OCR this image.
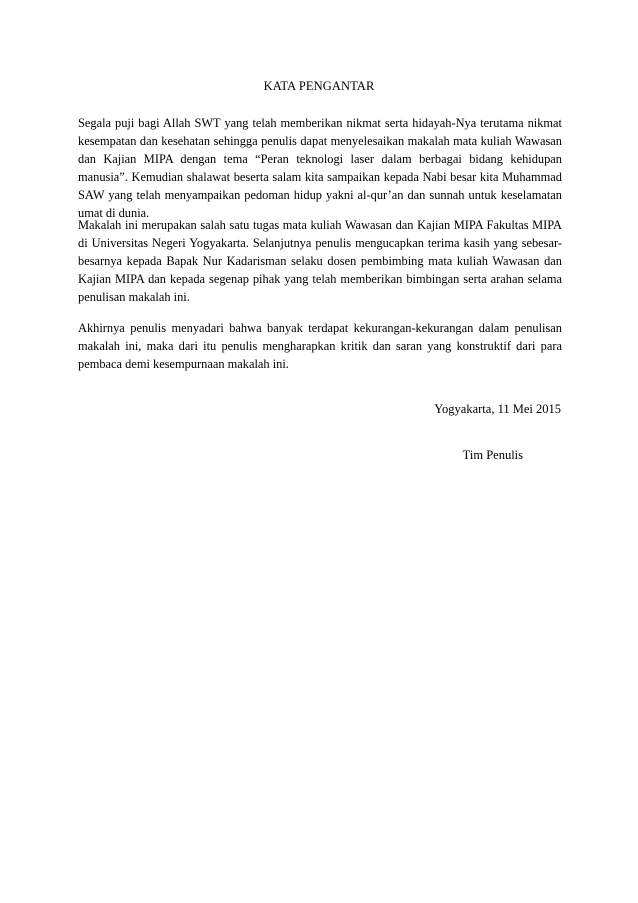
KATA PENGANTAR

Segala puji bagi Allah SWT yang telah memberikan nikmat serta hidayah-Nya terutama nikmat kesempatan dan kesehatan sehingga penulis dapat menyelesaikan makalah mata kuliah Wawasan dan Kajian MIPA dengan tema “Peran teknologi laser dalam berbagai bidang kehidupan manusia”. Kemudian shalawat beserta salam kita sampaikan kepada Nabi besar kita Muhammad SAW yang telah menyampaikan pedoman hidup yakni al-qur’an dan sunnah untuk keselamatan umat di dunia.

Makalah ini merupakan salah satu tugas mata kuliah Wawasan dan Kajian MIPA Fakultas MIPA di Universitas Negeri Yogyakarta. Selanjutnya penulis mengucapkan terima kasih yang sebesar-besarnya kepada Bapak Nur Kadarisman selaku dosen pembimbing mata kuliah Wawasan dan Kajian MIPA dan kepada segenap pihak yang telah memberikan bimbingan serta arahan selama penulisan makalah ini.

Akhirnya penulis menyadari bahwa banyak terdapat kekurangan-kekurangan dalam penulisan makalah ini, maka dari itu penulis mengharapkan kritik dan saran yang konstruktif dari para pembaca demi kesempurnaan makalah ini.

Yogyakarta, 11 Mei 2015
Tim Penulis
